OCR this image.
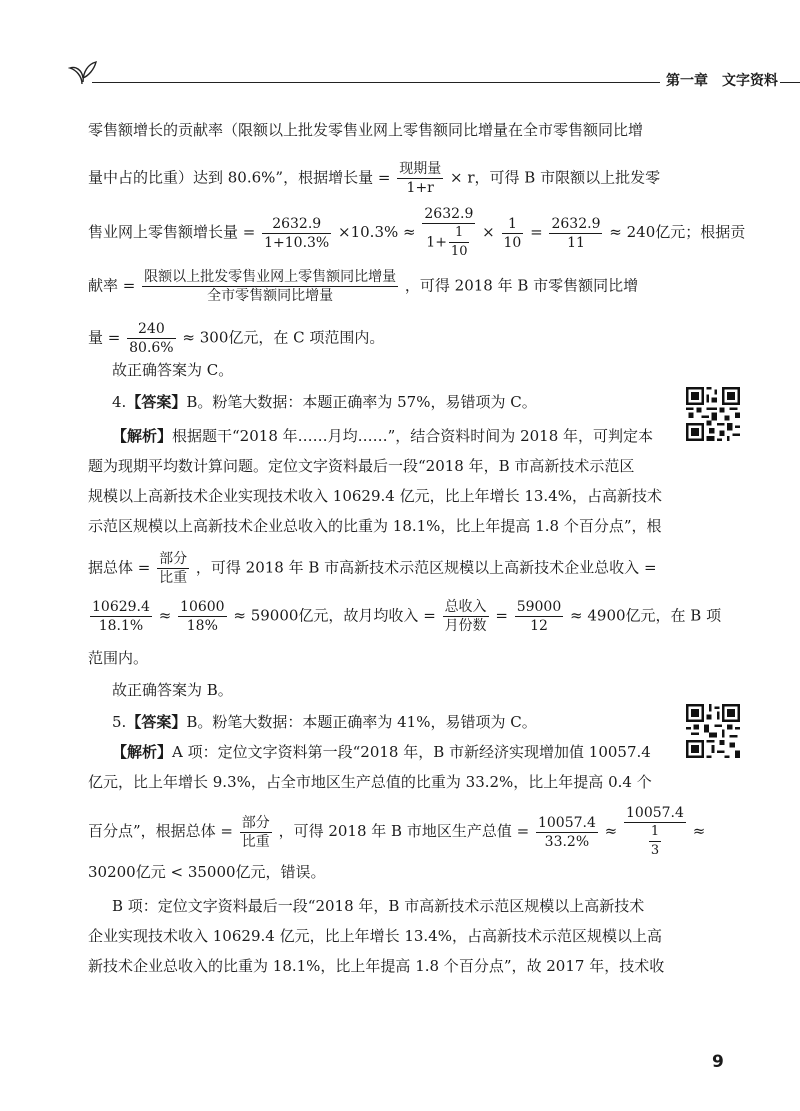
第一章　文字资料
零售额增长的贡献率（限额以上批发零售业网上零售额同比增量在全市零售额同比增
量中占的比重）达到 80.6%”，根据增长量 = $\frac{\text{现期量}}{1+r} \times r$，可得 B 市限额以上批发零
售业网上零售额增长量 = $\frac{2632.9}{1+10.3\%} \times 10.3\% \approx \frac{2632.9}{1+ \frac{1}{10}} \times \frac{1}{10} = \frac{2632.9}{11} \approx 240$亿元；根据贡
献率 = $\frac{\text{限额以上批发零售业网上零售额同比增量}}{\text{全市零售额同比增量}}$ ，可得 2018 年 B 市零售额同比增
量 = $\frac{240}{80.6\%} \approx 300$亿元，在 C 项范围内。
故正确答案为 C。
4.【答案】B。粉笔大数据：本题正确率为 57%，易错项为 C。
【解析】根据题干“2018 年……月均……”，结合资料时间为 2018 年，可判定本
题为现期平均数计算问题。定位文字资料最后一段“2018 年，B 市高新技术示范区
规模以上高新技术企业实现技术收入 10629.4 亿元，比上年增长 13.4%，占高新技术
示范区规模以上高新技术企业总收入的比重为 18.1%，比上年提高 1.8 个百分点”，根
据总体 = $\frac{\text{部分}}{\text{比重}}$ ，可得 2018 年 B 市高新技术示范区规模以上高新技术企业总收入 =
$\frac{10629.4}{18.1\%} \approx \frac{10600}{18\%} \approx 59000$亿元，故月均收入 = $\frac{\text{总收入}}{\text{月份数}} = \frac{59000}{12} \approx 4900$亿元，在 B 项
范围内。
故正确答案为 B。
5.【答案】B。粉笔大数据：本题正确率为 41%，易错项为 C。
【解析】A 项：定位文字资料第一段“2018 年，B 市新经济实现增加值 10057.4
亿元，比上年增长 9.3%，占全市地区生产总值的比重为 33.2%，比上年提高 0.4 个
百分点”，根据总体 = $\frac{\text{部分}}{\text{比重}}$ ，可得 2018 年 B 市地区生产总值 = $\frac{10057.4}{33.2\%} \approx \frac{10057.4}{\frac{1}{3}}$ ≈
30200亿元 < 35000亿元，错误。
B 项：定位文字资料最后一段“2018 年，B 市高新技术示范区规模以上高新技术
企业实现技术收入 10629.4 亿元，比上年增长 13.4%，占高新技术示范区规模以上高
新技术企业总收入的比重为 18.1%，比上年提高 1.8 个百分点”，故 2017 年，技术收
9
